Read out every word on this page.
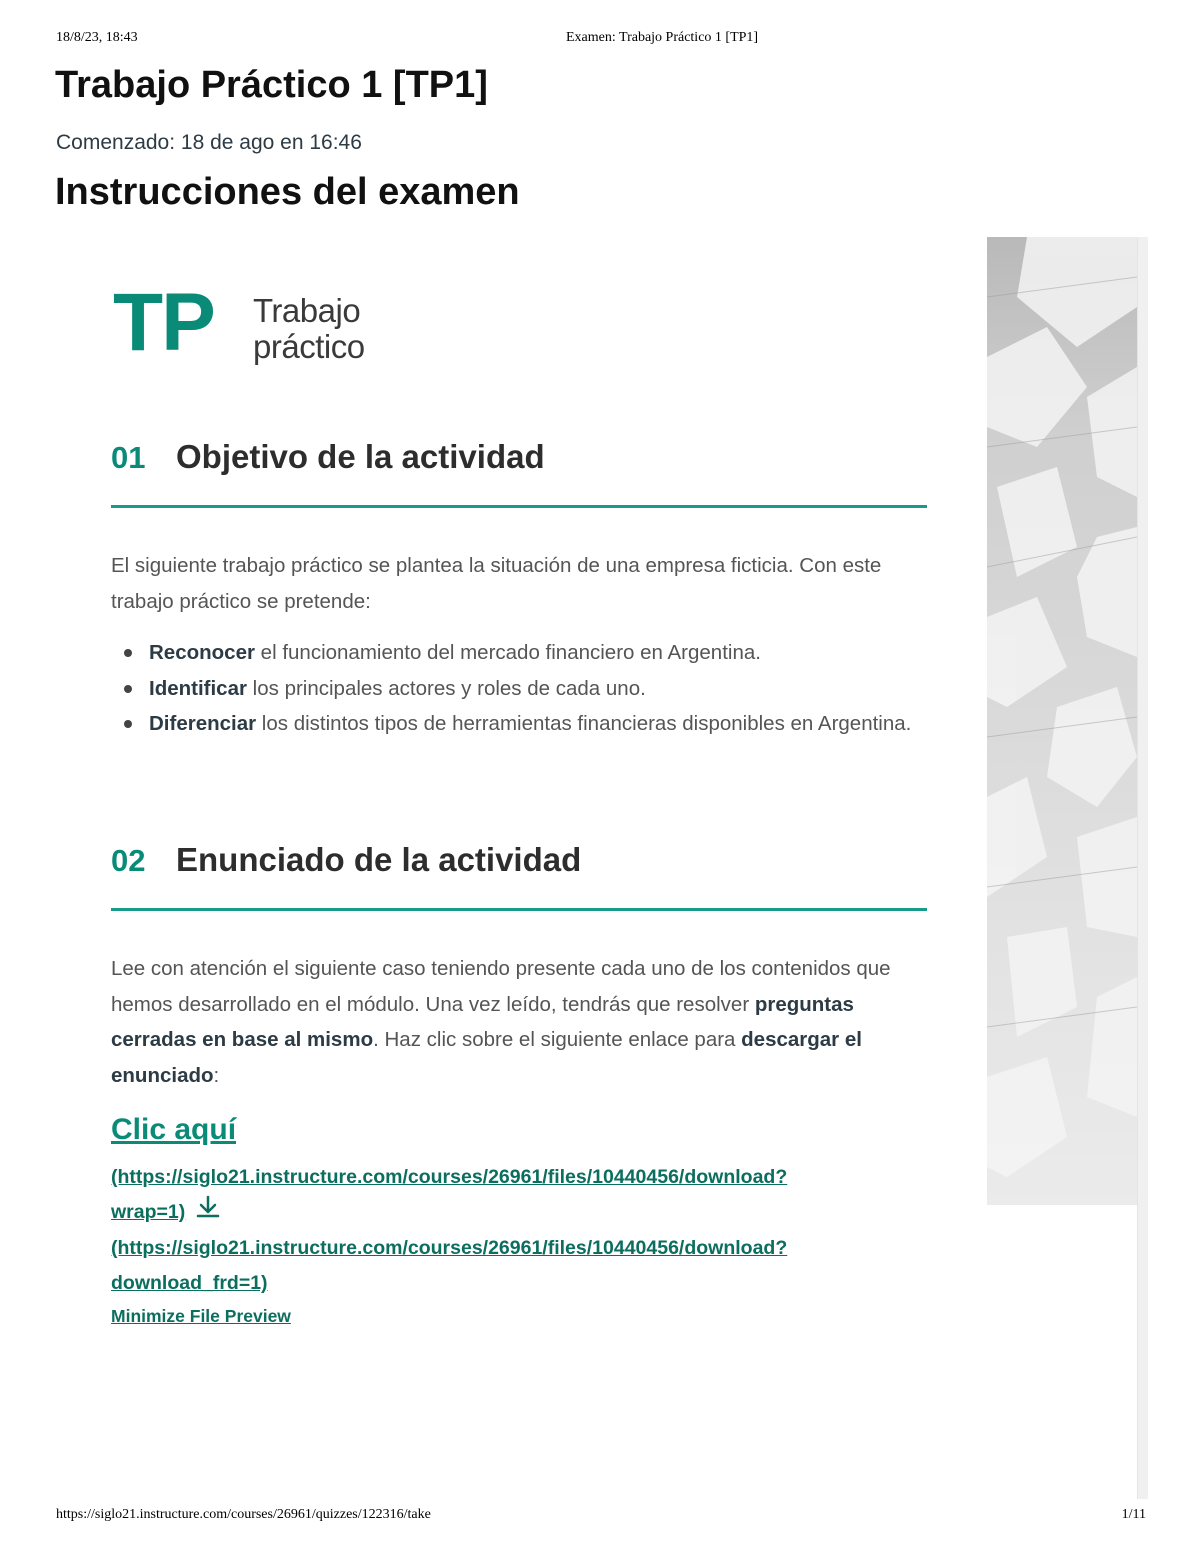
18/8/23, 18:43	Examen: Trabajo Práctico 1 [TP1]
Trabajo Práctico 1 [TP1]
Comenzado: 18 de ago en 16:46
Instrucciones del examen
TP Trabajo
práctico
01 Objetivo de la actividad
El siguiente trabajo práctico se plantea la situación de una empresa ficticia. Con este trabajo práctico se pretende:
Reconocer el funcionamiento del mercado financiero en Argentina.
Identificar los principales actores y roles de cada uno.
Diferenciar los distintos tipos de herramientas financieras disponibles en Argentina.
02 Enunciado de la actividad
Lee con atención el siguiente caso teniendo presente cada uno de los contenidos que hemos desarrollado en el módulo. Una vez leído, tendrás que resolver preguntas cerradas en base al mismo. Haz clic sobre el siguiente enlace para descargar el enunciado:
Clic aquí
(https://siglo21.instructure.com/courses/26961/files/10440456/download?
wrap=1)
(https://siglo21.instructure.com/courses/26961/files/10440456/download?
download_frd=1)
Minimize File Preview
https://siglo21.instructure.com/courses/26961/quizzes/122316/take	1/11
